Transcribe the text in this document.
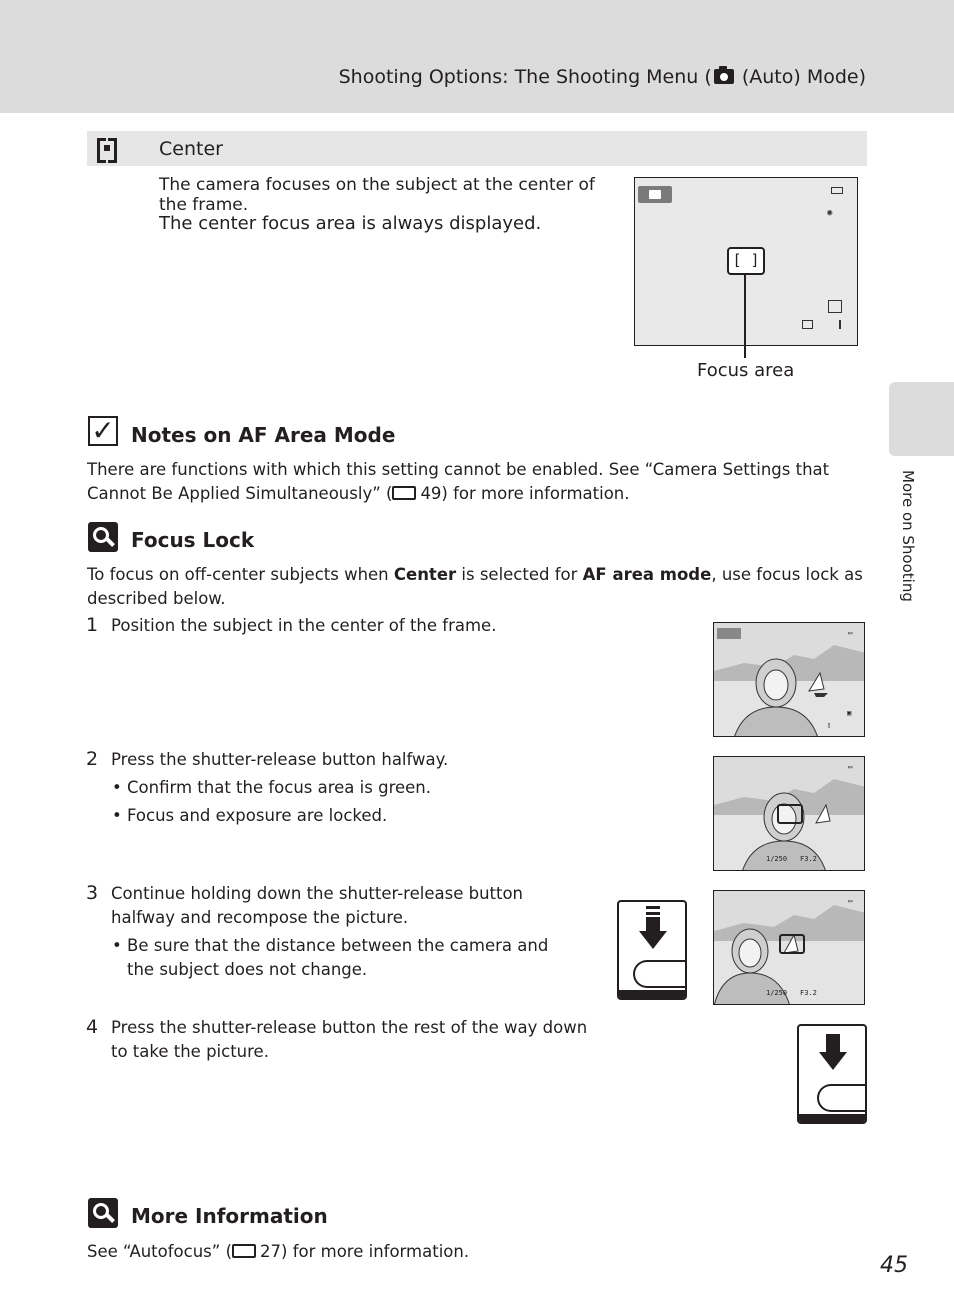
Shooting Options: The Shooting Menu ( (Auto) Mode)
More on Shooting
Center
The camera focuses on the subject at the center of the frame.
The center focus area is always displayed.	◉
[ ]
Focus area
✓ Notes on AF Area Mode
There are functions with which this setting cannot be enabled. See “Camera Settings that Cannot Be Applied Simultaneously” ( 49) for more information.
Focus Lock
To focus on off-center subjects when Center is selected for AF area mode, use focus lock as described below.
1 Position the subject in the center of the frame.
2 Press the shutter-release button halfway.
• Confirm that the focus area is green.
• Focus and exposure are locked.
3 Continue holding down the shutter-release button halfway and recompose the picture.
• Be sure that the distance between the camera and the subject does not change.
4 Press the shutter-release button the rest of the way down to take the picture.
▭
▣
▯
▭
1/250 F3.2
▭
1/250 F3.2
More Information
See “Autofocus” ( 27) for more information.
45
